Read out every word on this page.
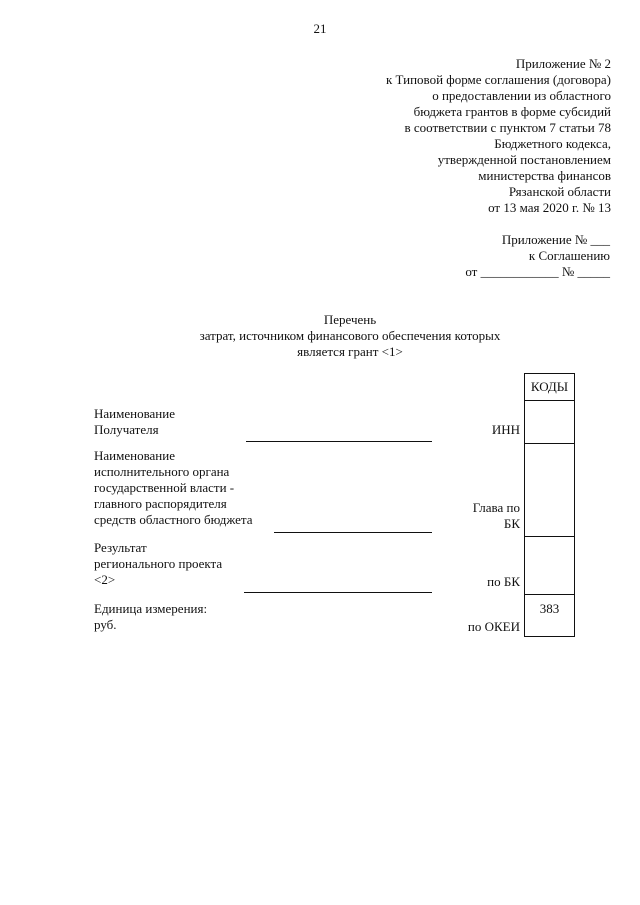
21
Приложение № 2
к Типовой форме соглашения (договора)
о предоставлении из областного
бюджета грантов в форме субсидий
в соответствии с пунктом 7 статьи 78
Бюджетного кодекса,
утвержденной постановлением
министерства финансов
Рязанской области
от 13 мая 2020 г. № 13
Приложение № ___
к Соглашению
от ____________ № _____
Перечень
затрат, источником финансового обеспечения которых
является грант <1>
Наименование
Получателя
Наименование
исполнительного органа
государственной власти -
главного распорядителя
средств областного бюджета
Результат
регионального проекта
<2>
Единица измерения:
руб.
ИНН
Глава по
БК
по БК
по ОКЕИ
КОДЫ
383
